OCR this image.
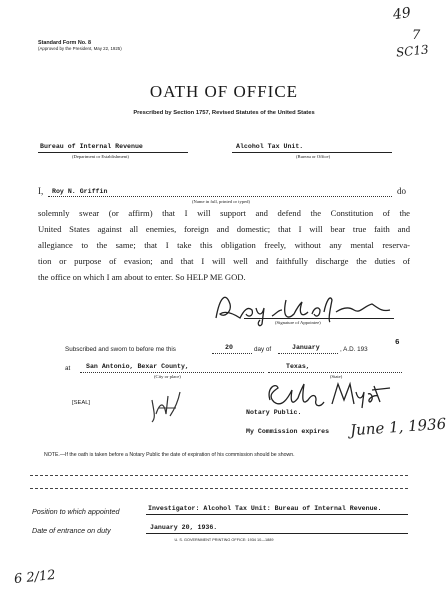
Standard Form No. 8
(Approved by the President, May 22, 1925)
49
7
SC13
OATH OF OFFICE
Prescribed by Section 1757, Revised Statutes of the United States
Bureau of Internal Revenue
(Department or Establishment)
Alcohol Tax Unit.
(Bureau or Office)
I, Roy N. Griffin	do
(Name in full, printed or typed)
solemnly swear (or affirm) that I will support and defend the Constitution of the
United States against all enemies, foreign and domestic; that I will bear true faith and
allegiance to the same; that I take this obligation freely, without any mental reserva-
tion or purpose of evasion; and that I will well and faithfully discharge the duties of
the office on which I am about to enter. So HELP ME GOD.
(Signature of Appointee)
Subscribed and sworn to before me this	20	day of	January	, A.D. 193
6
at San Antonio, Bexar County,
(City or place)
Texas,
(State)
[SEAL]
Notary Public.
My Commission expires June 1, 1936
NOTE.—If the oath is taken before a Notary Public the date of expiration of his commission should be shown.
Position to which appointed	Investigator: Alcohol Tax Unit: Bureau of Internal Revenue.
Date of entrance on duty	January 20, 1936.
U. S. GOVERNMENT PRINTING OFFICE: 1934 10—1889
6 2/12
